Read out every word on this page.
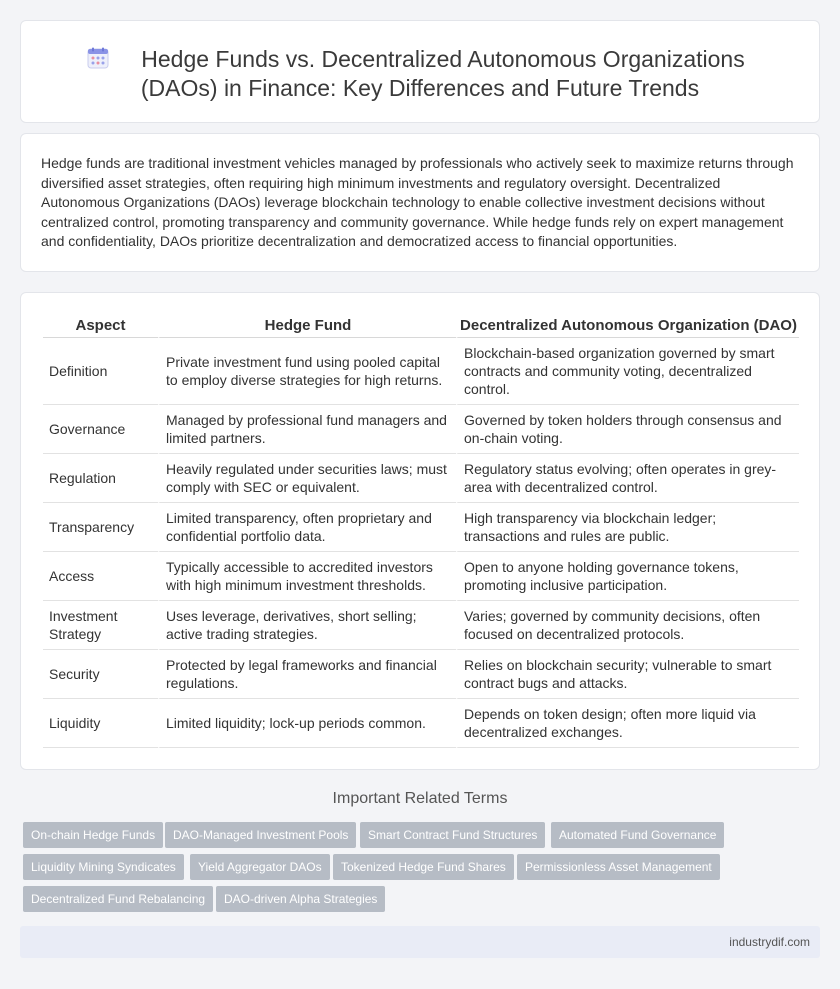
Hedge Funds vs. Decentralized Autonomous Organizations
(DAOs) in Finance: Key Differences and Future Trends
Hedge funds are traditional investment vehicles managed by professionals who actively seek to maximize returns through diversified asset strategies, often requiring high minimum investments and regulatory oversight. Decentralized Autonomous Organizations (DAOs) leverage blockchain technology to enable collective investment decisions without centralized control, promoting transparency and community governance. While hedge funds rely on expert management and confidentiality, DAOs prioritize decentralization and democratized access to financial opportunities.
Aspect	Hedge Fund	Decentralized Autonomous Organization (DAO)
Definition	Private investment fund using pooled capital to employ diverse strategies for high returns.	Blockchain-based organization governed by smart contracts and community voting, decentralized control.
Governance	Managed by professional fund managers and limited partners.	Governed by token holders through consensus and on-chain voting.
Regulation	Heavily regulated under securities laws; must comply with SEC or equivalent.	Regulatory status evolving; often operates in grey-area with decentralized control.
Transparency	Limited transparency, often proprietary and confidential portfolio data.	High transparency via blockchain ledger; transactions and rules are public.
Access	Typically accessible to accredited investors with high minimum investment thresholds.	Open to anyone holding governance tokens, promoting inclusive participation.
Investment Strategy	Uses leverage, derivatives, short selling; active trading strategies.	Varies; governed by community decisions, often focused on decentralized protocols.
Security	Protected by legal frameworks and financial regulations.	Relies on blockchain security; vulnerable to smart contract bugs and attacks.
Liquidity	Limited liquidity; lock-up periods common.	Depends on token design; often more liquid via decentralized exchanges.
Important Related Terms
On-chain Hedge Funds	DAO-Managed Investment Pools	Smart Contract Fund Structures	Automated Fund Governance
Liquidity Mining Syndicates	Yield Aggregator DAOs	Tokenized Hedge Fund Shares	Permissionless Asset Management
Decentralized Fund Rebalancing	DAO-driven Alpha Strategies
industrydif.com
